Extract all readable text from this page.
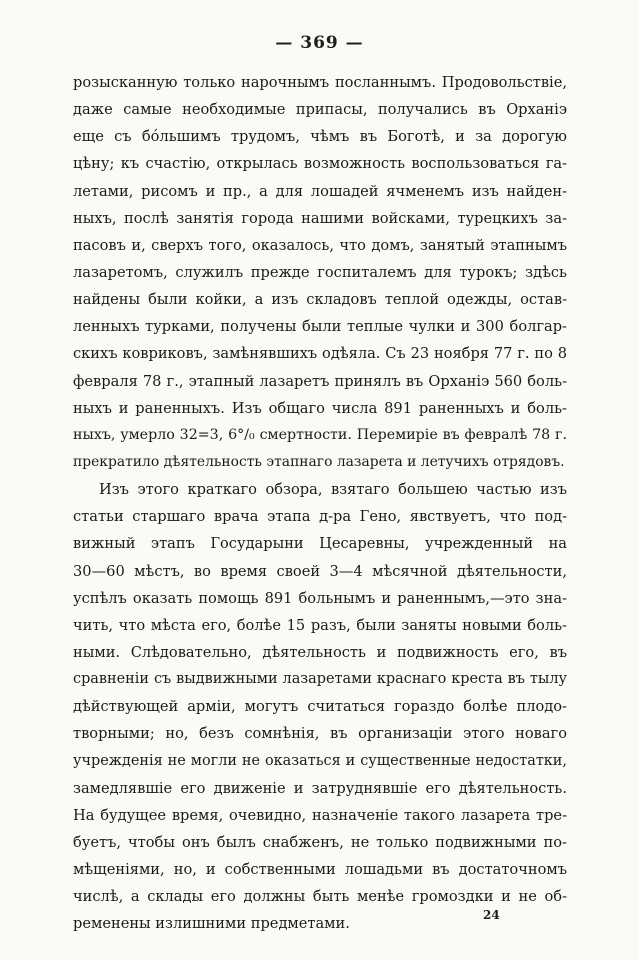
— 369 —
розысканную только нарочнымъ посланнымъ. Продовольствіе,
даже самые необходимые припасы, получались въ Орханіэ
еще съ бóльшимъ трудомъ, чѣмъ въ Боготѣ, и за дорогую
цѣну; къ счастію, открылась возможность воспользоваться га-
летами, рисомъ и пр., а для лошадей ячменемъ изъ найден-
ныхъ, послѣ занятія города нашими войсками, турецкихъ за-
пасовъ и, сверхъ того, оказалось, что домъ, занятый этапнымъ
лазаретомъ, служилъ прежде госпиталемъ для турокъ; здѣсь
найдены были койки, а изъ складовъ теплой одежды, остав-
ленныхъ турками, получены были теплые чулки и 300 болгар-
скихъ ковриковъ, замѣнявшихъ одѣяла. Съ 23 ноября 77 г. по 8
февраля 78 г., этапный лазаретъ принялъ въ Орханіэ 560 боль-
ныхъ и раненныхъ. Изъ общаго числа 891 раненныхъ и боль-
ныхъ, умерло 32=3, 6°/₀ смертности. Перемиріе въ февралѣ 78 г.
прекратило дѣятельность этапнаго лазарета и летучихъ отрядовъ.
Изъ этого краткаго обзора, взятаго большею частью изъ
статьи старшаго врача этапа д-ра Гено, явствуетъ, что под-
вижный этапъ Государыни Цесаревны, учрежденный на
30—60 мѣстъ, во время своей 3—4 мѣсячной дѣятельности,
успѣлъ оказать помощь 891 больнымъ и раненнымъ,—это зна-
чить, что мѣста его, болѣе 15 разъ, были заняты новыми боль-
ными. Слѣдовательно, дѣятельность и подвижность его, въ
сравненіи съ выдвижными лазаретами краснаго креста въ тылу
дѣйствующей арміи, могутъ считаться гораздо болѣе плодо-
творными; но, безъ сомнѣнія, въ организаціи этого новаго
учрежденія не могли не оказаться и существенные недостатки,
замедлявшіе его движеніе и затруднявшіе его дѣятельность.
На будущее время, очевидно, назначеніе такого лазарета тре-
буетъ, чтобы онъ былъ снабженъ, не только подвижными по-
мѣщеніями, но, и собственными лошадьми въ достаточномъ
числѣ, а склады его должны быть менѣе громоздки и не об-
ременены излишними предметами.
24
